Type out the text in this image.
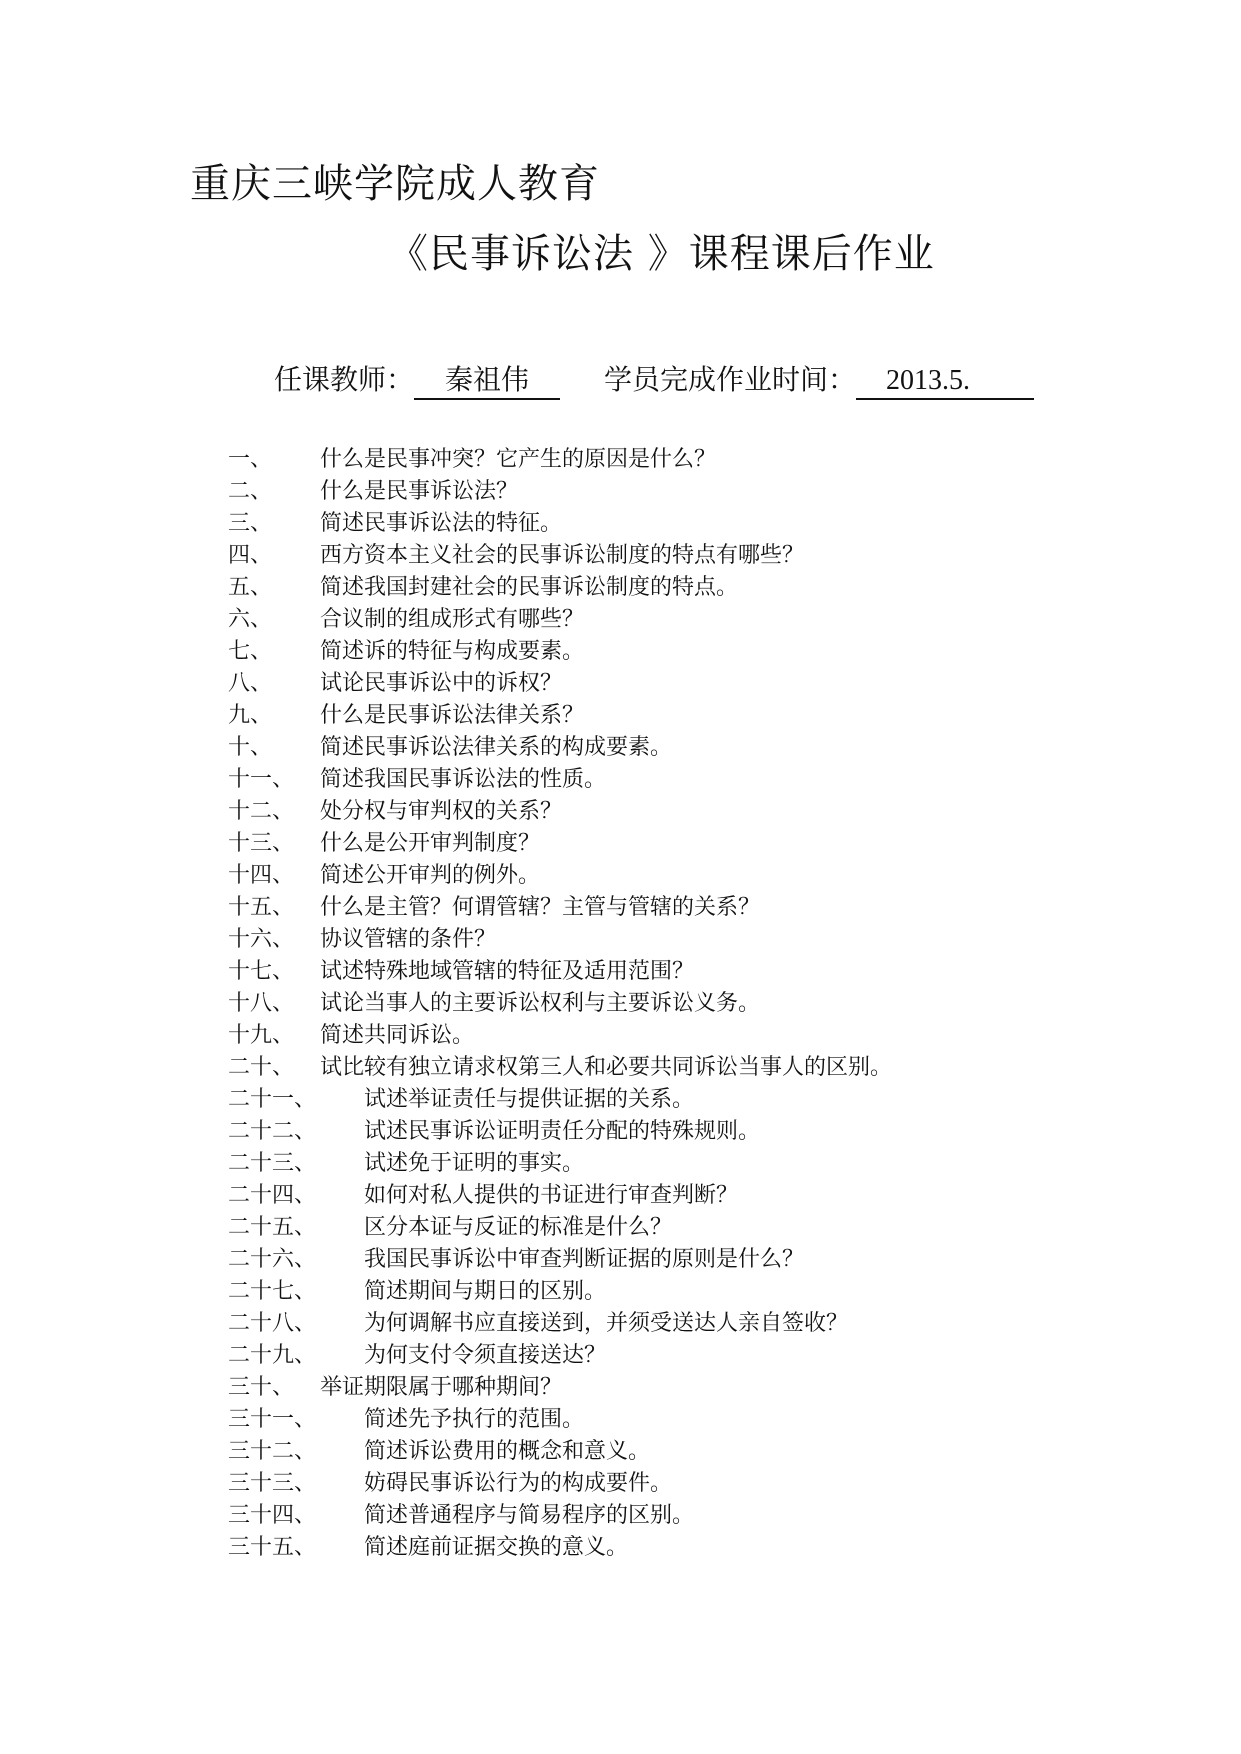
重庆三峡学院成人教育
《民事诉讼法 》课程课后作业
任课教师：	秦祖伟	学员完成作业时间：	2013.5.
一、	什么是民事冲突？它产生的原因是什么？
二、	什么是民事诉讼法？
三、	简述民事诉讼法的特征。
四、	西方资本主义社会的民事诉讼制度的特点有哪些？
五、	简述我国封建社会的民事诉讼制度的特点。
六、	合议制的组成形式有哪些？
七、	简述诉的特征与构成要素。
八、	试论民事诉讼中的诉权？
九、	什么是民事诉讼法律关系？
十、	简述民事诉讼法律关系的构成要素。
十一、	简述我国民事诉讼法的性质。
十二、	处分权与审判权的关系？
十三、	什么是公开审判制度？
十四、	简述公开审判的例外。
十五、	什么是主管？何谓管辖？主管与管辖的关系？
十六、	协议管辖的条件？
十七、	试述特殊地域管辖的特征及适用范围？
十八、	试论当事人的主要诉讼权利与主要诉讼义务。
十九、	简述共同诉讼。
二十、	试比较有独立请求权第三人和必要共同诉讼当事人的区别。
二十一、	试述举证责任与提供证据的关系。
二十二、	试述民事诉讼证明责任分配的特殊规则。
二十三、	试述免于证明的事实。
二十四、	如何对私人提供的书证进行审查判断？
二十五、	区分本证与反证的标准是什么？
二十六、	我国民事诉讼中审查判断证据的原则是什么？
二十七、	简述期间与期日的区别。
二十八、	为何调解书应直接送到，并须受送达人亲自签收？
二十九、	为何支付令须直接送达？
三十、	举证期限属于哪种期间？
三十一、	简述先予执行的范围。
三十二、	简述诉讼费用的概念和意义。
三十三、	妨碍民事诉讼行为的构成要件。
三十四、	简述普通程序与简易程序的区别。
三十五、	简述庭前证据交换的意义。
